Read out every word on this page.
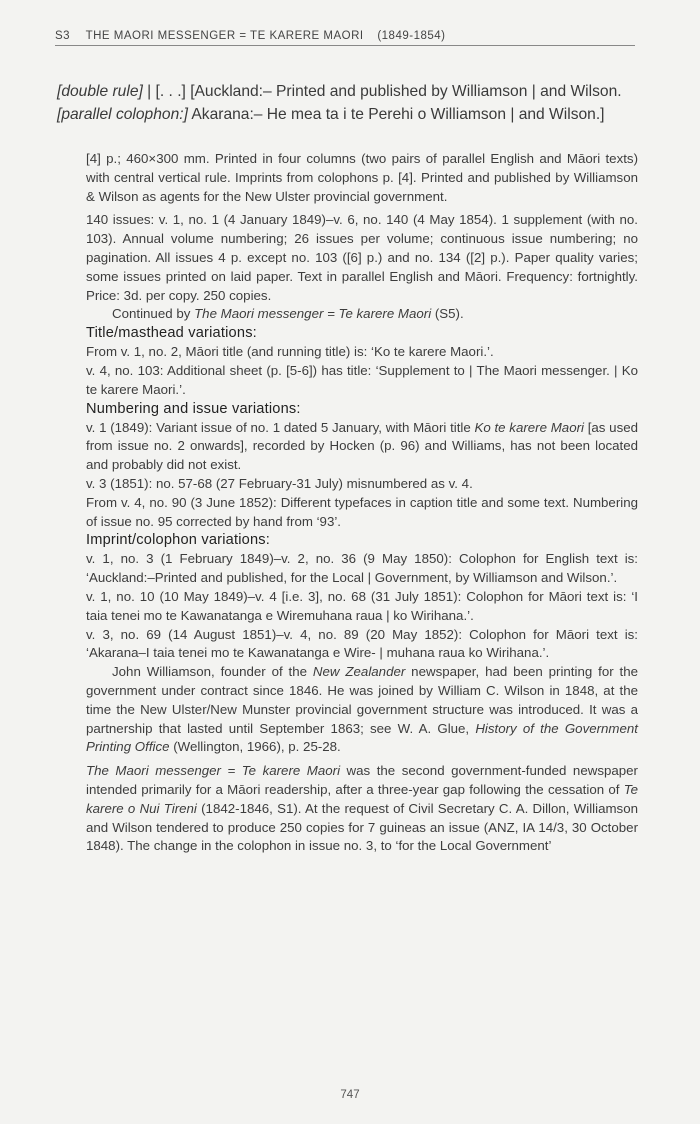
S3 THE MAORI MESSENGER = TE KARERE MAORI (1849-1854)
[double rule] | [. . .] [Auckland:– Printed and published by Williamson | and Wilson. [parallel colophon:] Akarana:– He mea ta i te Perehi o Williamson | and Wilson.]

[4] p.; 460×300 mm. Printed in four columns (two pairs of parallel English and Māori texts) with central vertical rule. Imprints from colophons p. [4]. Printed and published by Williamson & Wilson as agents for the New Ulster provincial government.

140 issues: v. 1, no. 1 (4 January 1849)–v. 6, no. 140 (4 May 1854). 1 supplement (with no. 103). Annual volume numbering; 26 issues per volume; continuous issue numbering; no pagination. All issues 4 p. except no. 103 ([6] p.) and no. 134 ([2] p.). Paper quality varies; some issues printed on laid paper. Text in parallel English and Māori. Frequency: fortnightly. Price: 3d. per copy. 250 copies.

Continued by The Maori messenger = Te karere Maori (S5).

Title/masthead variations:

From v. 1, no. 2, Māori title (and running title) is: ‘Ko te karere Maori.’.

v. 4, no. 103: Additional sheet (p. [5-6]) has title: ‘Supplement to | The Maori messenger. | Ko te karere Maori.’.

Numbering and issue variations:

v. 1 (1849): Variant issue of no. 1 dated 5 January, with Māori title Ko te karere Maori [as used from issue no. 2 onwards], recorded by Hocken (p. 96) and Williams, has not been located and probably did not exist.

v. 3 (1851): no. 57-68 (27 February-31 July) misnumbered as v. 4.

From v. 4, no. 90 (3 June 1852): Different typefaces in caption title and some text. Numbering of issue no. 95 corrected by hand from ‘93’.

Imprint/colophon variations:

v. 1, no. 3 (1 February 1849)–v. 2, no. 36 (9 May 1850): Colophon for English text is: ‘Auckland:–Printed and published, for the Local | Government, by Williamson and Wilson.’.

v. 1, no. 10 (10 May 1849)–v. 4 [i.e. 3], no. 68 (31 July 1851): Colophon for Māori text is: ‘I taia tenei mo te Kawanatanga e Wiremuhana raua | ko Wirihana.’.

v. 3, no. 69 (14 August 1851)–v. 4, no. 89 (20 May 1852): Colophon for Māori text is: ‘Akarana–I taia tenei mo te Kawanatanga e Wire- | muhana raua ko Wirihana.’.

John Williamson, founder of the New Zealander newspaper, had been printing for the government under contract since 1846. He was joined by William C. Wilson in 1848, at the time the New Ulster/New Munster provincial government structure was introduced. It was a partnership that lasted until September 1863; see W. A. Glue, History of the Government Printing Office (Wellington, 1966), p. 25-28.

The Maori messenger = Te karere Maori was the second government-funded newspaper intended primarily for a Māori readership, after a three-year gap following the cessation of Te karere o Nui Tireni (1842-1846, S1). At the request of Civil Secretary C. A. Dillon, Williamson and Wilson tendered to produce 250 copies for 7 guineas an issue (ANZ, IA 14/3, 30 October 1848). The change in the colophon in issue no. 3, to ‘for the Local Government’

747
